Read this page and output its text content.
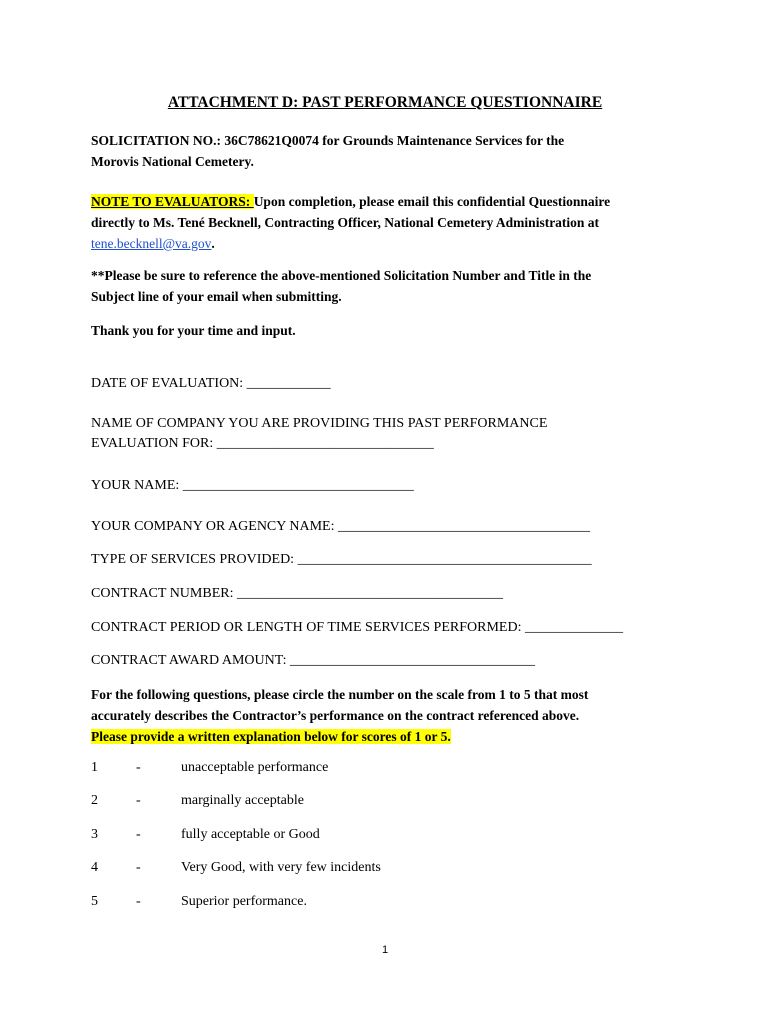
ATTACHMENT D: PAST PERFORMANCE QUESTIONNAIRE
SOLICITATION NO.: 36C78621Q0074 for Grounds Maintenance Services for the
Morovis National Cemetery.
NOTE TO EVALUATORS: Upon completion, please email this confidential Questionnaire
directly to Ms. Tené Becknell, Contracting Officer, National Cemetery Administration at
tene.becknell@va.gov.
**Please be sure to reference the above-mentioned Solicitation Number and Title in the
Subject line of your email when submitting.
Thank you for your time and input.
DATE OF EVALUATION: ____________
NAME OF COMPANY YOU ARE PROVIDING THIS PAST PERFORMANCE
EVALUATION FOR: _______________________________
YOUR NAME: _________________________________
YOUR COMPANY OR AGENCY NAME: ____________________________________
TYPE OF SERVICES PROVIDED: __________________________________________
CONTRACT NUMBER: ______________________________________
CONTRACT PERIOD OR LENGTH OF TIME SERVICES PERFORMED: ______________
CONTRACT AWARD AMOUNT: ___________________________________
For the following questions, please circle the number on the scale from 1 to 5 that most
accurately describes the Contractor’s performance on the contract referenced above.
Please provide a written explanation below for scores of 1 or 5.
1	-	unacceptable performance
2	-	marginally acceptable
3	-	fully acceptable or Good
4	-	Very Good, with very few incidents
5	-	Superior performance.
1
